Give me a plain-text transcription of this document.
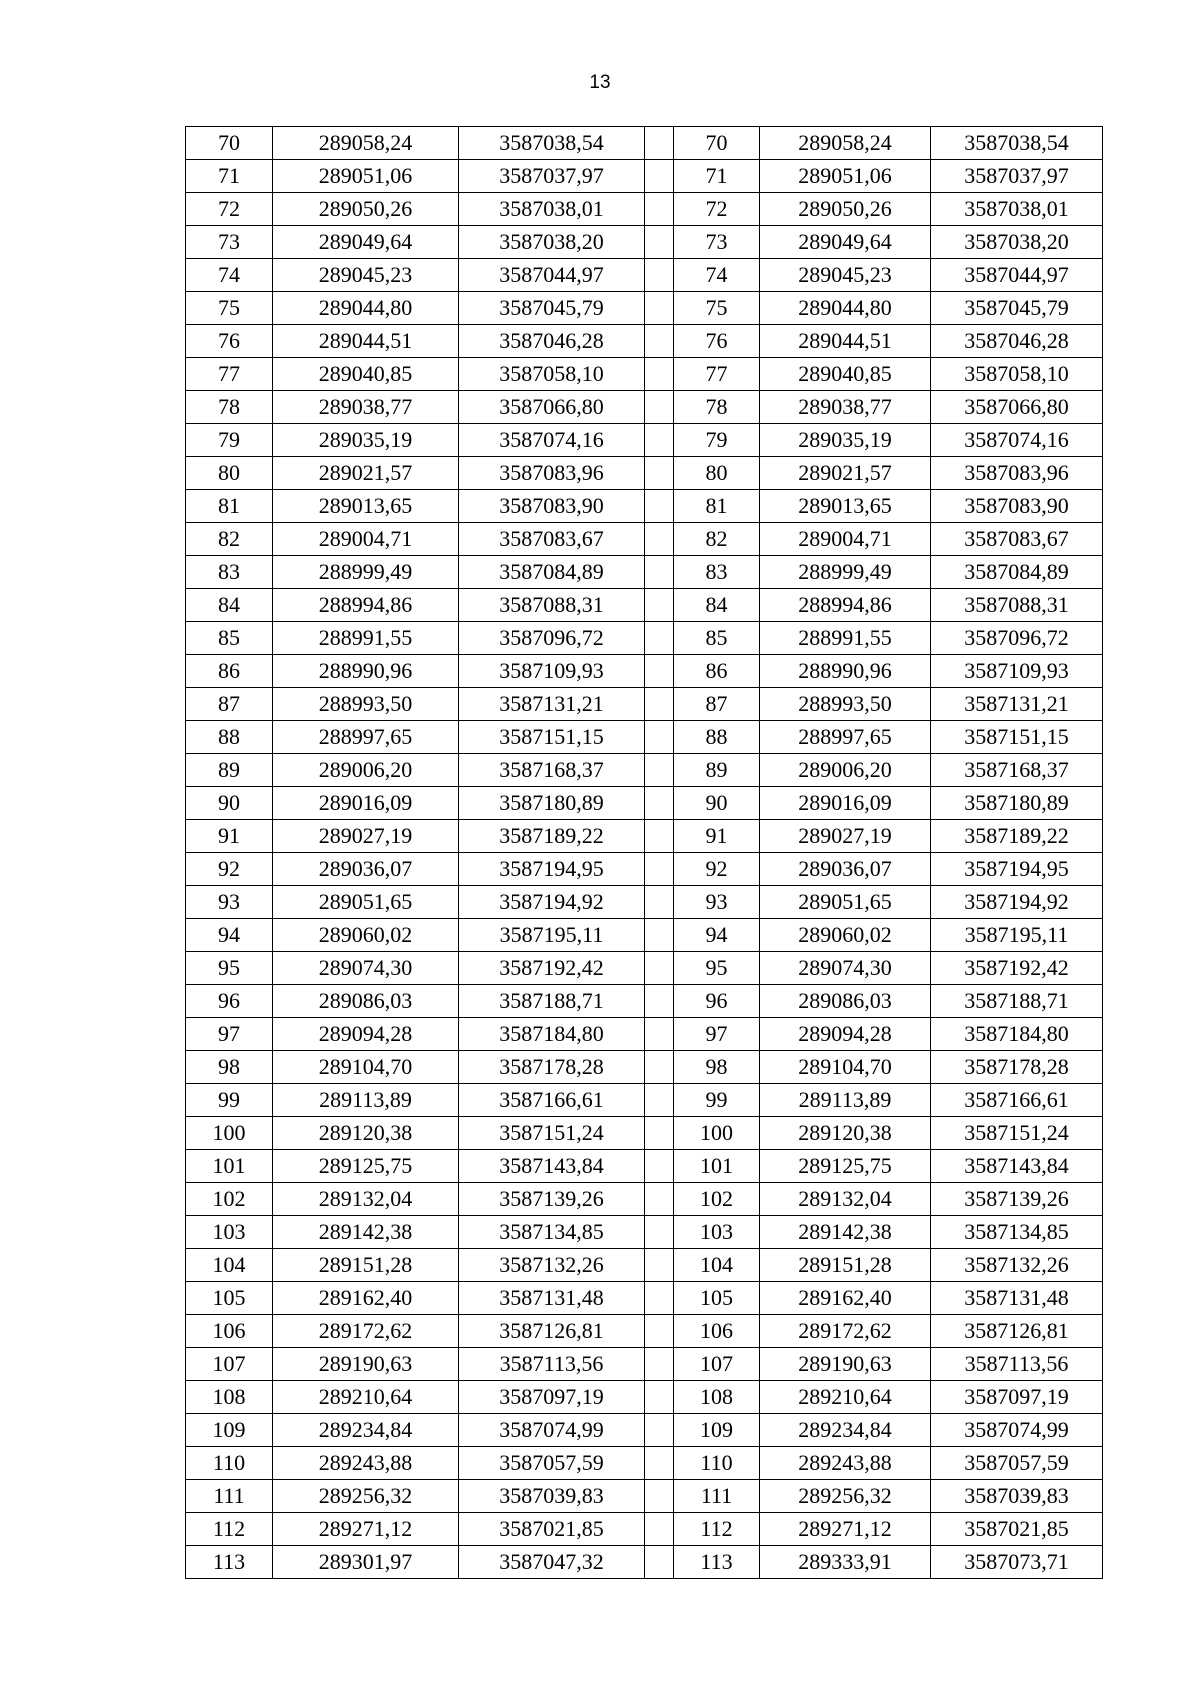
13
70	289058,24	3587038,54		70	289058,24	3587038,54
71	289051,06	3587037,97		71	289051,06	3587037,97
72	289050,26	3587038,01		72	289050,26	3587038,01
73	289049,64	3587038,20		73	289049,64	3587038,20
74	289045,23	3587044,97		74	289045,23	3587044,97
75	289044,80	3587045,79		75	289044,80	3587045,79
76	289044,51	3587046,28		76	289044,51	3587046,28
77	289040,85	3587058,10		77	289040,85	3587058,10
78	289038,77	3587066,80		78	289038,77	3587066,80
79	289035,19	3587074,16		79	289035,19	3587074,16
80	289021,57	3587083,96		80	289021,57	3587083,96
81	289013,65	3587083,90		81	289013,65	3587083,90
82	289004,71	3587083,67		82	289004,71	3587083,67
83	288999,49	3587084,89		83	288999,49	3587084,89
84	288994,86	3587088,31		84	288994,86	3587088,31
85	288991,55	3587096,72		85	288991,55	3587096,72
86	288990,96	3587109,93		86	288990,96	3587109,93
87	288993,50	3587131,21		87	288993,50	3587131,21
88	288997,65	3587151,15		88	288997,65	3587151,15
89	289006,20	3587168,37		89	289006,20	3587168,37
90	289016,09	3587180,89		90	289016,09	3587180,89
91	289027,19	3587189,22		91	289027,19	3587189,22
92	289036,07	3587194,95		92	289036,07	3587194,95
93	289051,65	3587194,92		93	289051,65	3587194,92
94	289060,02	3587195,11		94	289060,02	3587195,11
95	289074,30	3587192,42		95	289074,30	3587192,42
96	289086,03	3587188,71		96	289086,03	3587188,71
97	289094,28	3587184,80		97	289094,28	3587184,80
98	289104,70	3587178,28		98	289104,70	3587178,28
99	289113,89	3587166,61		99	289113,89	3587166,61
100	289120,38	3587151,24		100	289120,38	3587151,24
101	289125,75	3587143,84		101	289125,75	3587143,84
102	289132,04	3587139,26		102	289132,04	3587139,26
103	289142,38	3587134,85		103	289142,38	3587134,85
104	289151,28	3587132,26		104	289151,28	3587132,26
105	289162,40	3587131,48		105	289162,40	3587131,48
106	289172,62	3587126,81		106	289172,62	3587126,81
107	289190,63	3587113,56		107	289190,63	3587113,56
108	289210,64	3587097,19		108	289210,64	3587097,19
109	289234,84	3587074,99		109	289234,84	3587074,99
110	289243,88	3587057,59		110	289243,88	3587057,59
111	289256,32	3587039,83		111	289256,32	3587039,83
112	289271,12	3587021,85		112	289271,12	3587021,85
113	289301,97	3587047,32		113	289333,91	3587073,71
